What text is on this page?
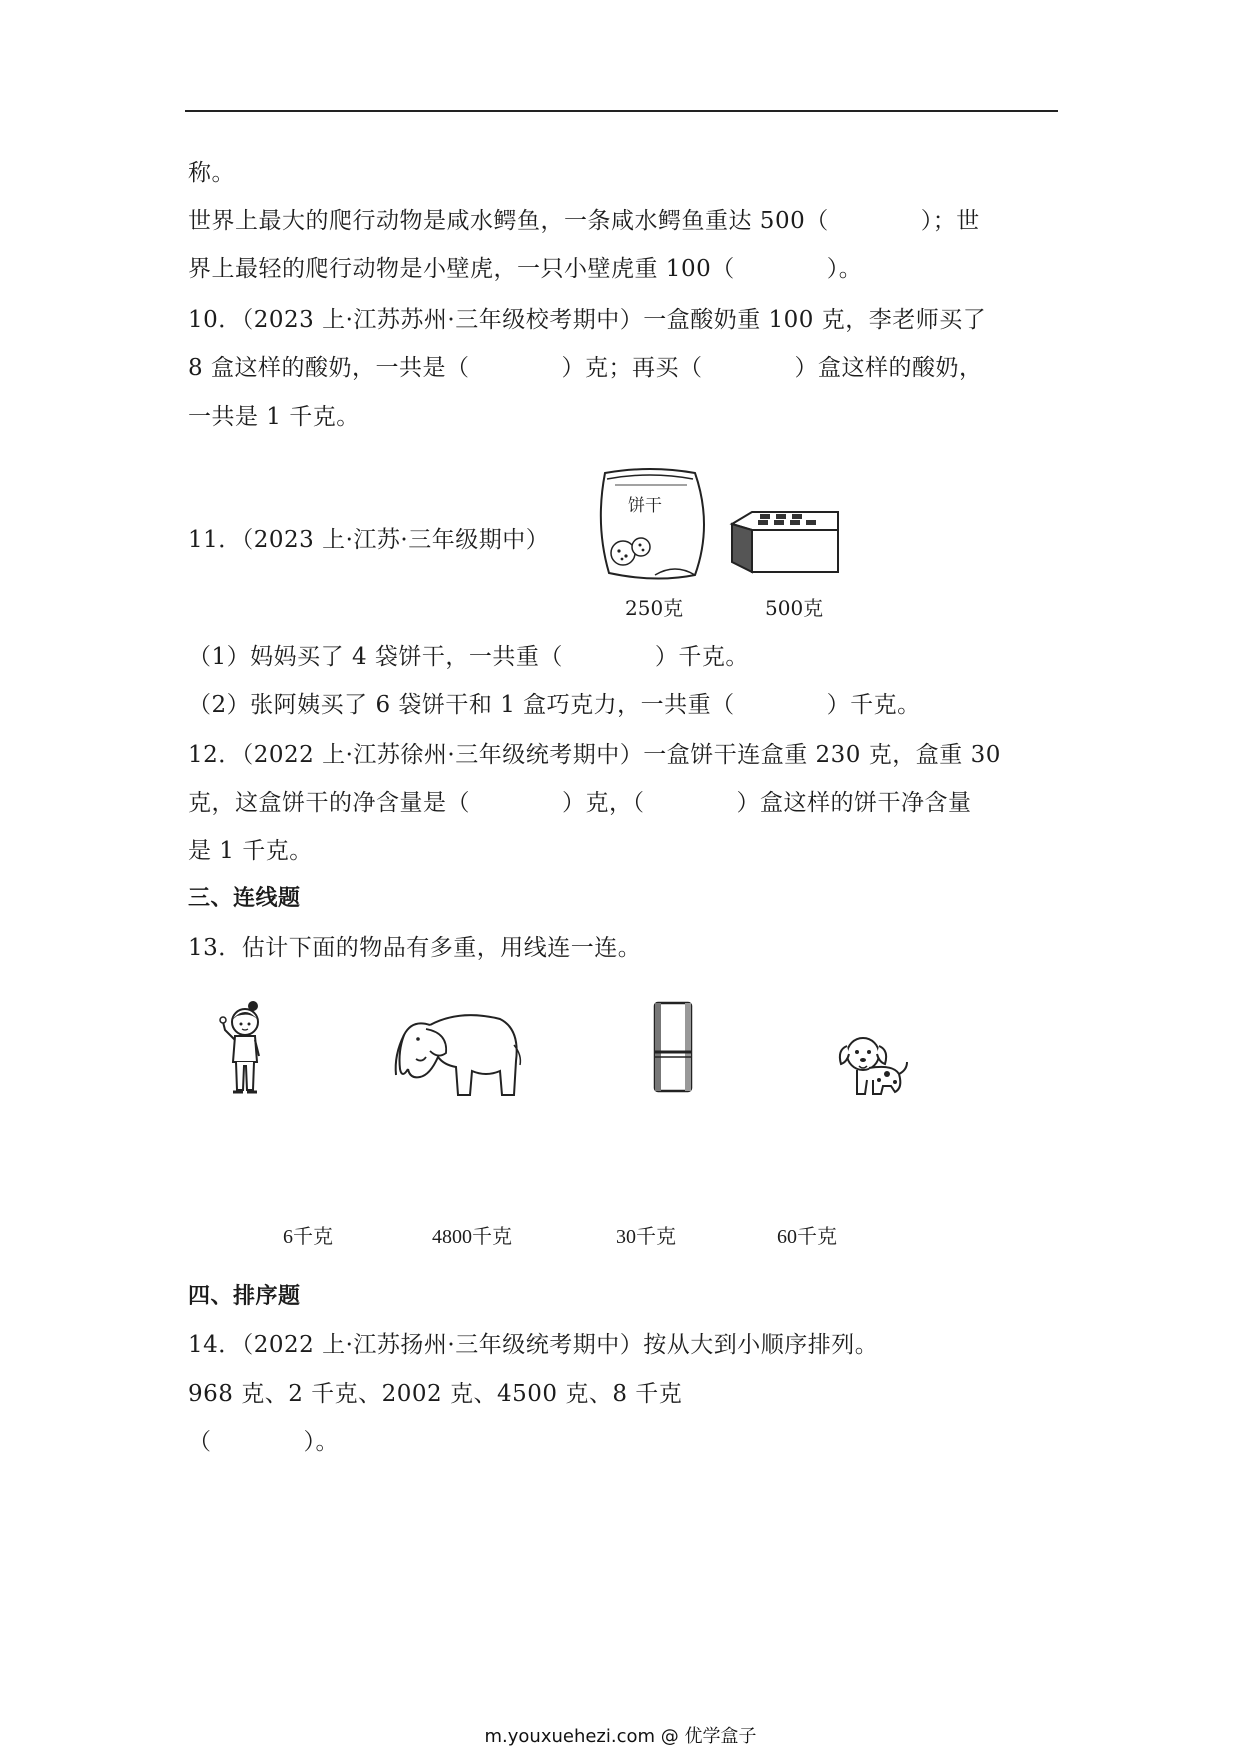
称。
世界上最大的爬行动物是咸水鳄鱼，一条咸水鳄鱼重达 500（	）；世
界上最轻的爬行动物是小壁虎，一只小壁虎重 100（	）。
10．（2023 上·江苏苏州·三年级校考期中）一盒酸奶重 100 克，李老师买了
8 盒这样的酸奶，一共是（	）克；再买（	）盒这样的酸奶，
一共是 1 千克。
11．（2023 上·江苏·三年级期中）
饼干
250克	500克
（1）妈妈买了 4 袋饼干，一共重（	）千克。
（2）张阿姨买了 6 袋饼干和 1 盒巧克力，一共重（	）千克。
12．（2022 上·江苏徐州·三年级统考期中）一盒饼干连盒重 230 克，盒重 30
克，这盒饼干的净含量是（	）克，（	）盒这样的饼干净含量
是 1 千克。
三、连线题
13．估计下面的物品有多重，用线连一连。
6千克	4800千克	30千克	60千克
四、排序题
14．（2022 上·江苏扬州·三年级统考期中）按从大到小顺序排列。
968 克、2 千克、2002 克、4500 克、8 千克
（	）。
m.youxuehezi.com @ 优学盒子
